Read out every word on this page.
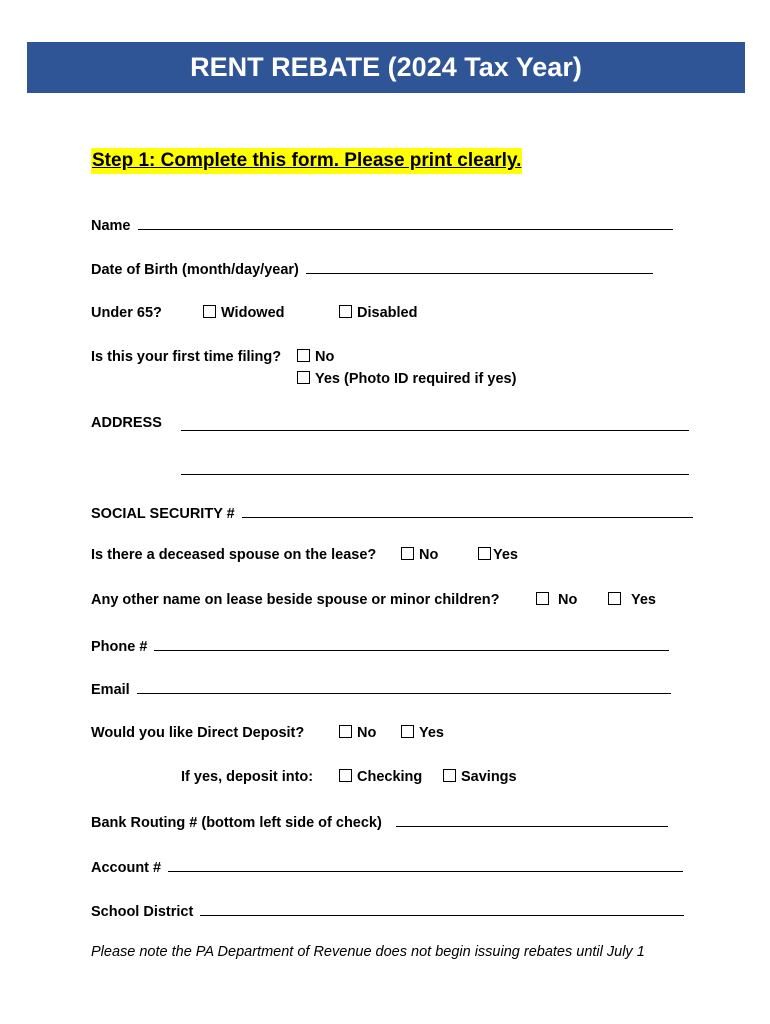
RENT REBATE (2024 Tax Year)
Step 1: Complete this form. Please print clearly.
Name
Date of Birth (month/day/year)
Under 65?	Widowed	Disabled
Is this your first time filing?	No
Yes (Photo ID required if yes)
ADDRESS
SOCIAL SECURITY #
Is there a deceased spouse on the lease?	No	Yes
Any other name on lease beside spouse or minor children?	No	Yes
Phone #
Email
Would you like Direct Deposit?	No	Yes
If yes, deposit into:	Checking	Savings
Bank Routing # (bottom left side of check)
Account #
School District
Please note the PA Department of Revenue does not begin issuing rebates until July 1
